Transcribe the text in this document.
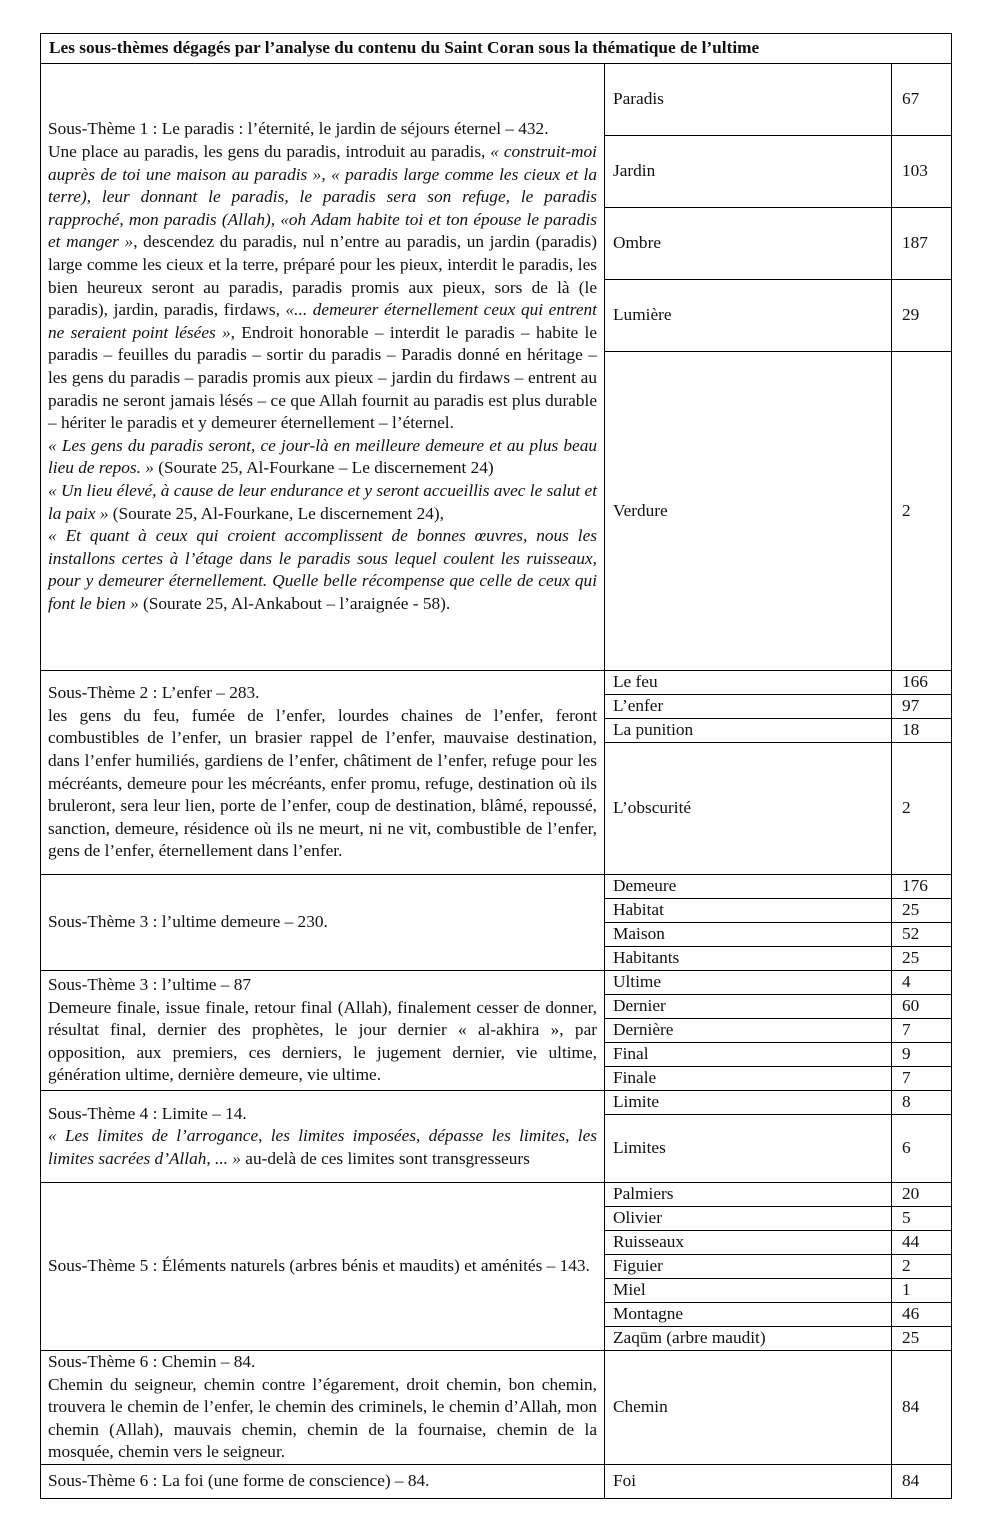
Les sous-thèmes dégagés par l’analyse du contenu du Saint Coran sous la thématique de l’ultime		

Sous-Thème 1 : Le paradis : l’éternité, le jardin de séjours éternel – 432.

Une place au paradis, les gens du paradis, introduit au paradis, « construit-moi auprès de toi une maison au paradis », « paradis large comme les cieux et la terre), leur donnant le paradis, le paradis sera son refuge, le paradis rapproché, mon paradis (Allah), «oh Adam habite toi et ton épouse le paradis et manger », descendez du paradis, nul n’entre au paradis, un jardin (paradis) large comme les cieux et la terre, préparé pour les pieux, interdit le paradis, les bien heureux seront au paradis, paradis promis aux pieux, sors de là (le paradis), jardin, paradis, firdaws, «... demeurer éternellement ceux qui entrent ne seraient point lésées », Endroit honorable – interdit le paradis – habite le paradis – feuilles du paradis – sortir du paradis – Paradis donné en héritage – les gens du paradis – paradis promis aux pieux – jardin du firdaws – entrent au paradis ne seront jamais lésés – ce que Allah fournit au paradis est plus durable – hériter le paradis et y demeurer éternellement – l’éternel.
« Les gens du paradis seront, ce jour-là en meilleure demeure et au plus beau lieu de repos. » (Sourate 25, Al-Fourkane – Le discernement 24)
« Un lieu élevé, à cause de leur endurance et y seront accueillis avec le salut et la paix » (Sourate 25, Al-Fourkane, Le discernement 24),
« Et quant à ceux qui croient accomplissent de bonnes œuvres, nous les installons certes à l’étage dans le paradis sous lequel coulent les ruisseaux, pour y demeurer éternellement. Quelle belle récompense que celle de ceux qui font le bien » (Sourate 25, Al-Ankabout – l’araignée - 58).	Paradis	67
	Jardin	103
	Ombre	187
	Lumière	29
	Verdure	2

Sous-Thème 2 : L’enfer – 283.

les gens du feu, fumée de l’enfer, lourdes chaines de l’enfer, feront combustibles de l’enfer, un brasier rappel de l’enfer, mauvaise destination, dans l’enfer humiliés, gardiens de l’enfer, châtiment de l’enfer, refuge pour les mécréants, demeure pour les mécréants, enfer promu, refuge, destination où ils bruleront, sera leur lien, porte de l’enfer, coup de destination, blâmé, repoussé, sanction, demeure, résidence où ils ne meurt, ni ne vit, combustible de l’enfer, gens de l’enfer, éternellement dans l’enfer.	Le feu	166
	L’enfer	97
	La punition	18
	L’obscurité	2

Sous-Thème 3 : l’ultime demeure – 230.	Demeure	176
	Habitat	25
	Maison	52
	Habitants	25

Sous-Thème 3 : l’ultime – 87

Demeure finale, issue finale, retour final (Allah), finalement cesser de donner, résultat final, dernier des prophètes, le jour dernier « al-akhira », par opposition, aux premiers, ces derniers, le jugement dernier, vie ultime, génération ultime, dernière demeure, vie ultime.	Ultime	4
	Dernier	60
	Dernière	7
	Final	9
	Finale	7

Sous-Thème 4 : Limite – 14.

« Les limites de l’arrogance, les limites imposées, dépasse les limites, les limites sacrées d’Allah, ... » au-delà de ces limites sont transgresseurs	Limite	8
	Limites	6

Sous-Thème 5 : Éléments naturels (arbres bénis et maudits) et aménités – 143.	Palmiers	20
	Olivier	5
	Ruisseaux	44
	Figuier	2
	Miel	1
	Montagne	46
	Zaqūm (arbre maudit)	25

Sous-Thème 6 : Chemin – 84.

Chemin du seigneur, chemin contre l’égarement, droit chemin, bon chemin, trouvera le chemin de l’enfer, le chemin des criminels, le chemin d’Allah, mon chemin (Allah), mauvais chemin, chemin de la fournaise, chemin de la mosquée, chemin vers le seigneur.	Chemin	84

Sous-Thème 6 : La foi (une forme de conscience) – 84.	Foi	84
